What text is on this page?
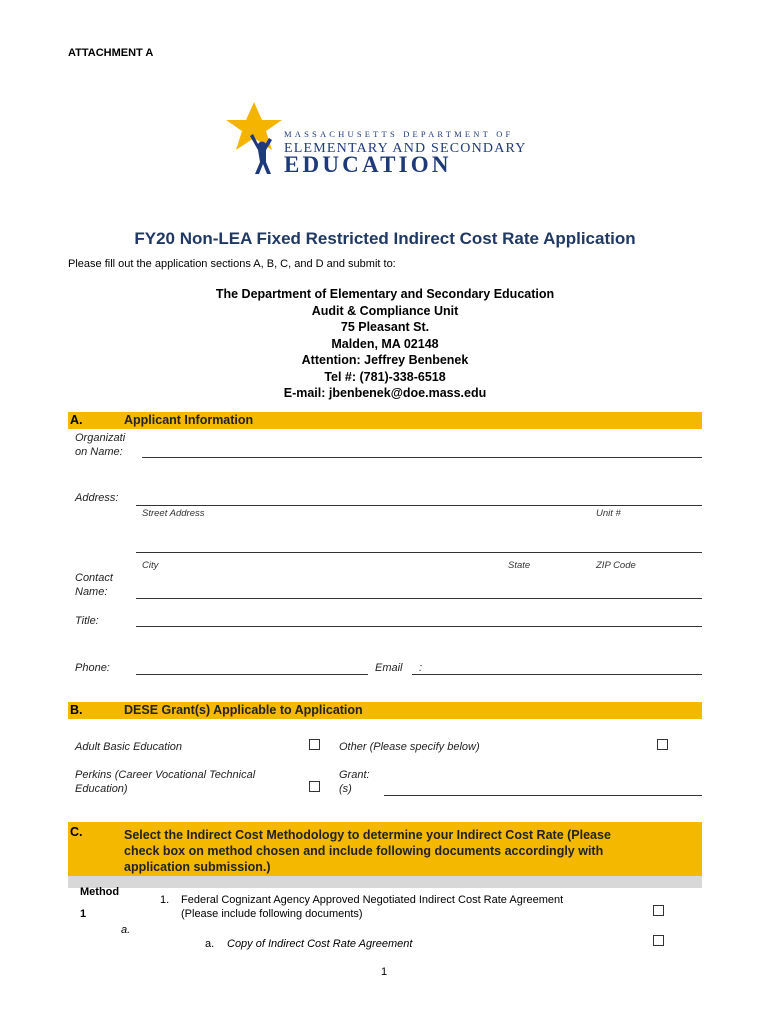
ATTACHMENT A
MASSACHUSETTS DEPARTMENT OF
ELEMENTARY AND SECONDARY
EDUCATION
FY20 Non-LEA Fixed Restricted Indirect Cost Rate Application
Please fill out the application sections A, B, C, and D and submit to:
The Department of Elementary and Secondary Education
Audit & Compliance Unit
75 Pleasant St.
Malden, MA 02148
Attention: Jeffrey Benbenek
Tel #: (781)-338-6518
E-mail: jbenbenek@doe.mass.edu
A.	Applicant Information
Organizati
on Name:
Address:
Street Address	Unit #
City	State	ZIP Code
Contact
Name:
Title:
Phone:	Email :
B.	DESE Grant(s) Applicable to Application
Adult Basic Education	Other (Please specify below)
Perkins (Career Vocational Technical
Education)
Grant:
(s)
C.	Select the Indirect Cost Methodology to determine your Indirect Cost Rate (Please
check box on method chosen and include following documents accordingly with
application submission.)
Method
1
1. Federal Cognizant Agency Approved Negotiated Indirect Cost Rate Agreement
(Please include following documents)
a.
a. Copy of Indirect Cost Rate Agreement
1
